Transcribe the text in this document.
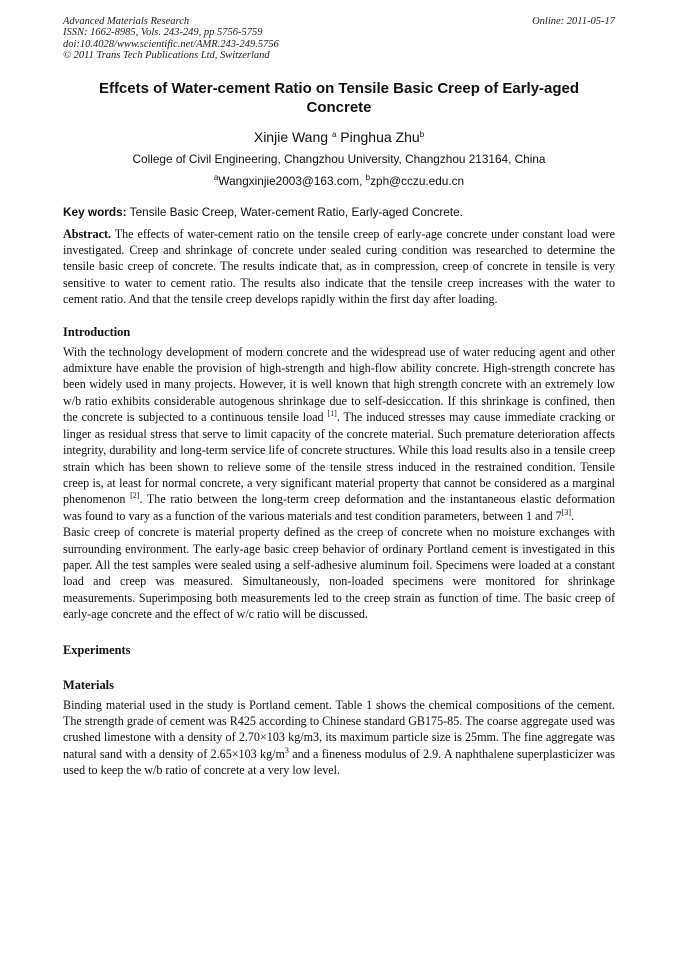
Advanced Materials Research
ISSN: 1662-8985, Vols. 243-249, pp 5756-5759
doi:10.4028/www.scientific.net/AMR.243-249.5756
© 2011 Trans Tech Publications Ltd, Switzerland
Online: 2011-05-17
Effcets of Water-cement Ratio on Tensile Basic Creep of Early-aged Concrete
Xinjie Wang $^a$ Pinghua Zhu$^b$
College of Civil Engineering, Changzhou University, Changzhou 213164, China
$^a$Wangxinjie2003@163.com, $^b$zph@cczu.edu.cn
Key words: Tensile Basic Creep, Water-cement Ratio, Early-aged Concrete.
Abstract. The effects of water-cement ratio on the tensile creep of early-age concrete under constant load were investigated. Creep and shrinkage of concrete under sealed curing condition was researched to determine the tensile basic creep of concrete. The results indicate that, as in compression, creep of concrete in tensile is very sensitive to water to cement ratio. The results also indicate that the tensile creep increases with the water to cement ratio. And that the tensile creep develops rapidly within the first day after loading.
Introduction
With the technology development of modern concrete and the widespread use of water reducing agent and other admixture have enable the provision of high-strength and high-flow ability concrete. High-strength concrete has been widely used in many projects. However, it is well known that high strength concrete with an extremely low w/b ratio exhibits considerable autogenous shrinkage due to self-desiccation. If this shrinkage is confined, then the concrete is subjected to a continuous tensile load [1]. The induced stresses may cause immediate cracking or linger as residual stress that serve to limit capacity of the concrete material. Such premature deterioration affects integrity, durability and long-term service life of concrete structures. While this load results also in a tensile creep strain which has been shown to relieve some of the tensile stress induced in the restrained condition. Tensile creep is, at least for normal concrete, a very significant material property that cannot be considered as a marginal phenomenon [2]. The ratio between the long-term creep deformation and the instantaneous elastic deformation was found to vary as a function of the various materials and test condition parameters, between 1 and 7[3].
Basic creep of concrete is material property defined as the creep of concrete when no moisture exchanges with surrounding environment. The early-age basic creep behavior of ordinary Portland cement is investigated in this paper. All the test samples were sealed using a self-adhesive aluminum foil. Specimens were loaded at a constant load and creep was measured. Simultaneously, non-loaded specimens were monitored for shrinkage measurements. Superimposing both measurements led to the creep strain as function of time. The basic creep of early-age concrete and the effect of w/c ratio will be discussed.
Experiments
Materials
Binding material used in the study is Portland cement. Table 1 shows the chemical compositions of the cement. The strength grade of cement was R425 according to Chinese standard GB175-85. The coarse aggregate used was crushed limestone with a density of 2.70×103 kg/m3, its maximum particle size is 25mm. The fine aggregate was natural sand with a density of 2.65×103 $kg/m^3$ and a fineness modulus of 2.9. A naphthalene superplasticizer was used to keep the w/b ratio of concrete at a very low level.
